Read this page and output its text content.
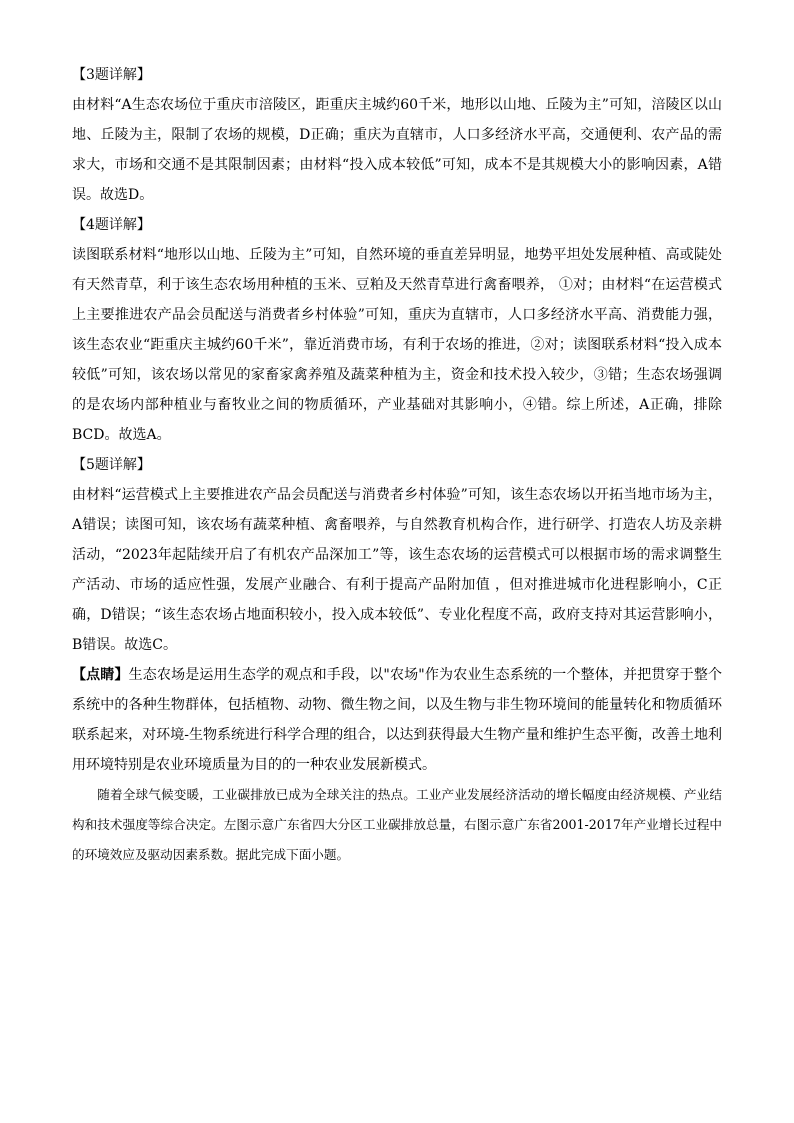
【3题详解】

由材料“A生态农场位于重庆市涪陵区，距重庆主城约60千米，地形以山地、丘陵为主”可知，涪陵区以山地、丘陵为主，限制了农场的规模，D正确；重庆为直辖市，人口多经济水平高，交通便利、农产品的需求大，市场和交通不是其限制因素；由材料“投入成本较低”可知，成本不是其规模大小的影响因素，A错误。故选D。

【4题详解】

读图联系材料“地形以山地、丘陵为主”可知，自然环境的垂直差异明显，地势平坦处发展种植、高或陡处有天然青草，利于该生态农场用种植的玉米、豆粕及天然青草进行禽畜喂养， ①对；由材料“在运营模式上主要推进农产品会员配送与消费者乡村体验”可知，重庆为直辖市，人口多经济水平高、消费能力强，该生态农业“距重庆主城约60千米”，靠近消费市场，有利于农场的推进，②对；读图联系材料“投入成本较低”可知，该农场以常见的家畜家禽养殖及蔬菜种植为主，资金和技术投入较少，③错；生态农场强调的是农场内部种植业与畜牧业之间的物质循环，产业基础对其影响小，④错。综上所述，A正确，排除BCD。故选A。

【5题详解】

由材料“运营模式上主要推进农产品会员配送与消费者乡村体验”可知，该生态农场以开拓当地市场为主，A错误；读图可知，该农场有蔬菜种植、禽畜喂养，与自然教育机构合作，进行研学、打造农人坊及亲耕活动，“2023年起陆续开启了有机农产品深加工”等，该生态农场的运营模式可以根据市场的需求调整生产活动、市场的适应性强，发展产业融合、有利于提高产品附加值 ，但对推进城市化进程影响小，C正确，D错误；“该生态农场占地面积较小，投入成本较低”、专业化程度不高，政府支持对其运营影响小，B错误。故选C。

【点睛】生态农场是运用生态学的观点和手段，以"农场"作为农业生态系统的一个整体，并把贯穿于整个系统中的各种生物群体，包括植物、动物、微生物之间，以及生物与非生物环境间的能量转化和物质循环联系起来，对环境-生物系统进行科学合理的组合，以达到获得最大生物产量和维护生态平衡，改善土地利用环境特别是农业环境质量为目的的一种农业发展新模式。

随着全球气候变暖，工业碳排放已成为全球关注的热点。工业产业发展经济活动的增长幅度由经济规模、产业结构和技术强度等综合决定。左图示意广东省四大分区工业碳排放总量，右图示意广东省2001-2017年产业增长过程中的环境效应及驱动因素系数。据此完成下面小题。
